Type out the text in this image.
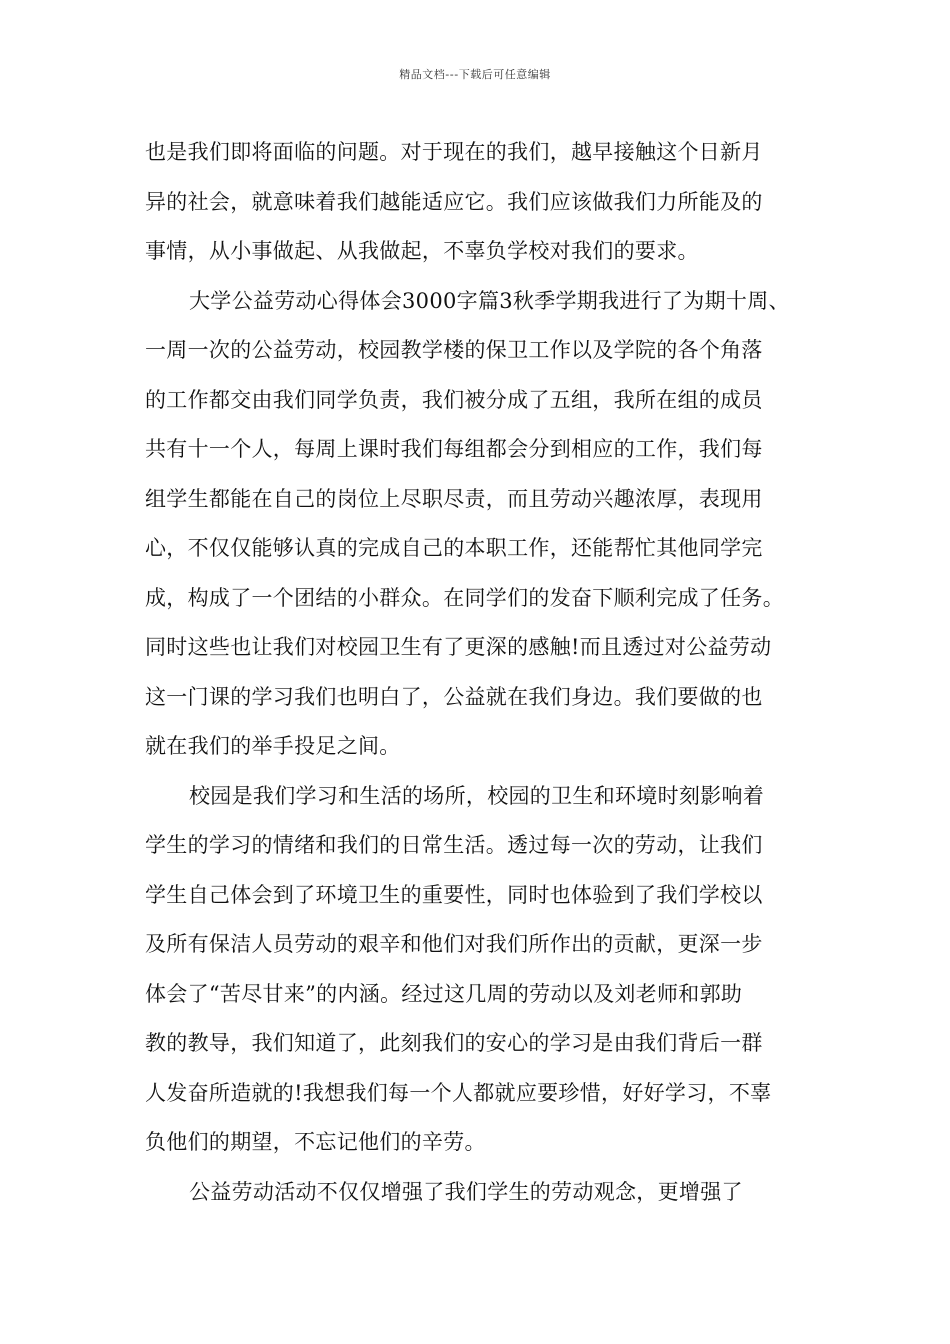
精品文档---下载后可任意编辑
也是我们即将面临的问题。对于现在的我们，越早接触这个日新月
异的社会，就意味着我们越能适应它。我们应该做我们力所能及的
事情，从小事做起、从我做起，不辜负学校对我们的要求。
大学公益劳动心得体会3000字篇3秋季学期我进行了为期十周、
一周一次的公益劳动，校园教学楼的保卫工作以及学院的各个角落
的工作都交由我们同学负责，我们被分成了五组，我所在组的成员
共有十一个人，每周上课时我们每组都会分到相应的工作，我们每
组学生都能在自己的岗位上尽职尽责，而且劳动兴趣浓厚，表现用
心，不仅仅能够认真的完成自己的本职工作，还能帮忙其他同学完
成，构成了一个团结的小群众。在同学们的发奋下顺利完成了任务。
同时这些也让我们对校园卫生有了更深的感触!而且透过对公益劳动
这一门课的学习我们也明白了，公益就在我们身边。我们要做的也
就在我们的举手投足之间。
校园是我们学习和生活的场所，校园的卫生和环境时刻影响着
学生的学习的情绪和我们的日常生活。透过每一次的劳动，让我们
学生自己体会到了环境卫生的重要性，同时也体验到了我们学校以
及所有保洁人员劳动的艰辛和他们对我们所作出的贡献，更深一步
体会了“苦尽甘来”的内涵。经过这几周的劳动以及刘老师和郭助
教的教导，我们知道了，此刻我们的安心的学习是由我们背后一群
人发奋所造就的!我想我们每一个人都就应要珍惜，好好学习，不辜
负他们的期望，不忘记他们的辛劳。
公益劳动活动不仅仅增强了我们学生的劳动观念，更增强了
